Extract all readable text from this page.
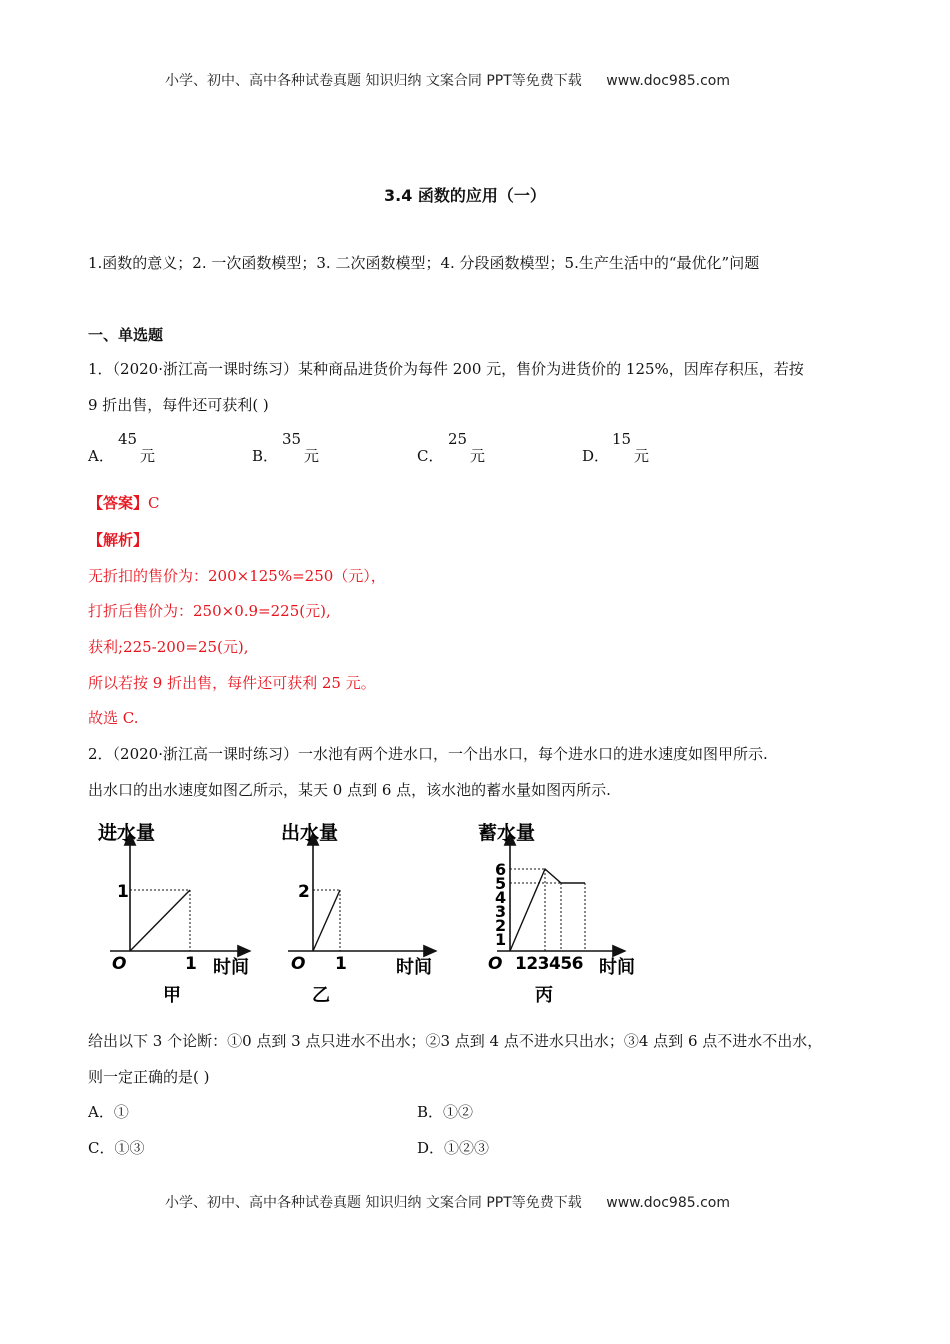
小学、初中、高中各种试卷真题 知识归纳 文案合同 PPT等免费下载 www.doc985.com
3.4 函数的应用（一）
1.函数的意义；2. 一次函数模型；3. 二次函数模型；4. 分段函数模型；5.生产生活中的“最优化”问题
一、单选题
1．（2020·浙江高一课时练习）某种商品进货价为每件 200 元，售价为进货价的 125%，因库存积压，若按
9 折出售，每件还可获利( )
A．
45
元	B．
35
元	C．
25
元	D．
15
元
【答案】C
【解析】
无折扣的售价为：200×125%=250（元），
打折后售价为：250×0.9=225(元),
获利;225-200=25(元),
所以若按 9 折出售，每件还可获利 25 元。
故选 C.
2．（2020·浙江高一课时练习）一水池有两个进水口，一个出水口，每个进水口的进水速度如图甲所示.
出水口的出水速度如图乙所示，某天 0 点到 6 点，该水池的蓄水量如图丙所示.
进水量
1
O	1 时间
甲
出水量
2
O 1	时间
乙
蓄水量
6
5
4
3
2
1
O 123456 时间
丙
给出以下 3 个论断：①0 点到 3 点只进水不出水；②3 点到 4 点不进水只出水；③4 点到 6 点不进水不出水，
则一定正确的是( )
A．①	B．①②
C．①③	D．①②③
小学、初中、高中各种试卷真题 知识归纳 文案合同 PPT等免费下载 www.doc985.com
